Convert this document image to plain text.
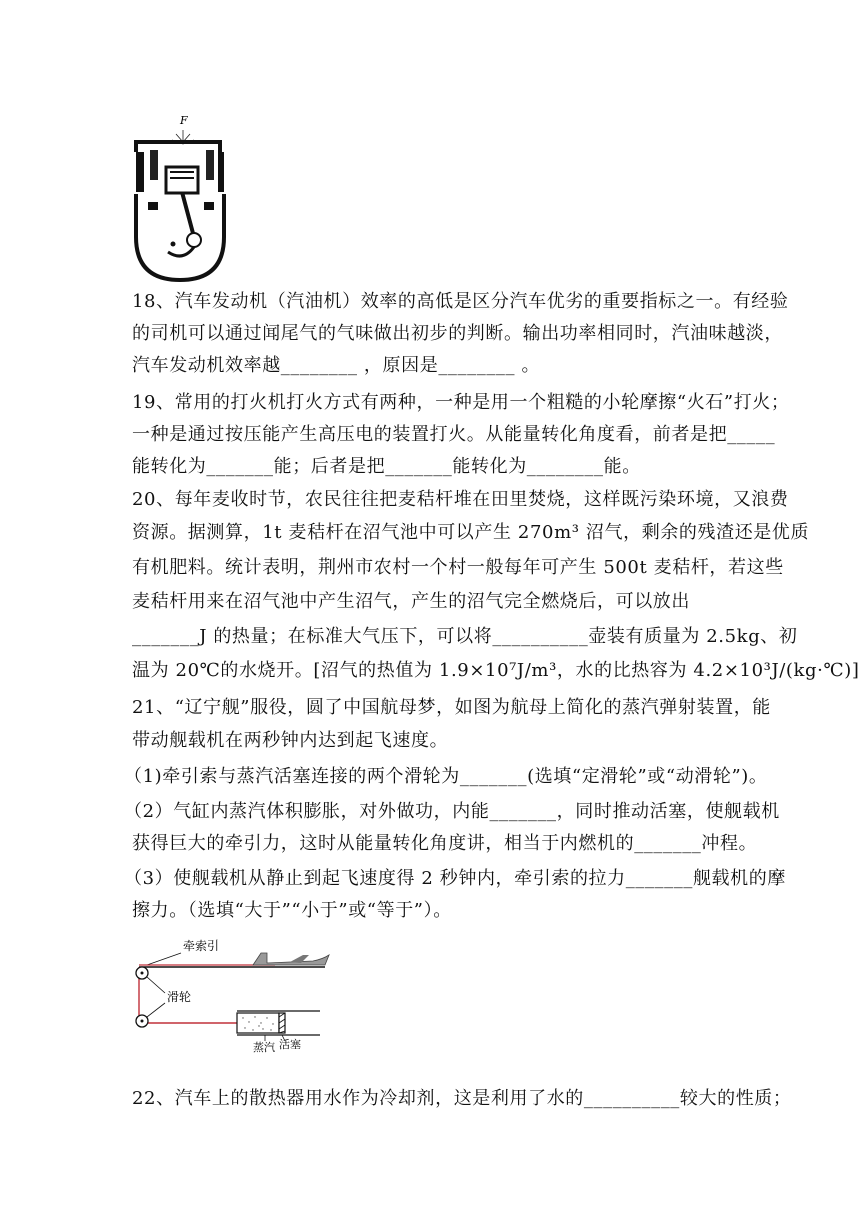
F
18、汽车发动机（汽油机）效率的高低是区分汽车优劣的重要指标之一。有经验
的司机可以通过闻尾气的气味做出初步的判断。输出功率相同时，汽油味越淡，
汽车发动机效率越________ ，原因是________ 。
19、常用的打火机打火方式有两种，一种是用一个粗糙的小轮摩擦“火石”打火；
一种是通过按压能产生高压电的装置打火。从能量转化角度看，前者是把_____
能转化为_______能；后者是把_______能转化为________能。
20、每年麦收时节，农民往往把麦秸杆堆在田里焚烧，这样既污染环境，又浪费
资源。据测算，1t 麦秸杆在沼气池中可以产生 270m³ 沼气，剩余的残渣还是优质
有机肥料。统计表明，荆州市农村一个村一般每年可产生 500t 麦秸杆，若这些
麦秸杆用来在沼气池中产生沼气，产生的沼气完全燃烧后，可以放出
_______J 的热量；在标准大气压下，可以将__________壶装有质量为 2.5kg、初
温为 20℃的水烧开。[沼气的热值为 1.9×10⁷J/m³，水的比热容为 4.2×10³J/(kg·℃)]
21、“辽宁舰”服役，圆了中国航母梦，如图为航母上简化的蒸汽弹射装置，能
带动舰载机在两秒钟内达到起飞速度。
（1)牵引索与蒸汽活塞连接的两个滑轮为_______(选填“定滑轮”或“动滑轮”)。
（2）气缸内蒸汽体积膨胀，对外做功，内能_______，同时推动活塞，使舰载机
获得巨大的牵引力，这时从能量转化角度讲，相当于内燃机的_______冲程。
（3）使舰载机从静止到起飞速度得 2 秒钟内，牵引索的拉力_______舰载机的摩
擦力。（选填“大于”“小于”或“等于”）。
牵索引
滑轮
蒸汽 活塞
22、汽车上的散热器用水作为冷却剂，这是利用了水的__________较大的性质；
